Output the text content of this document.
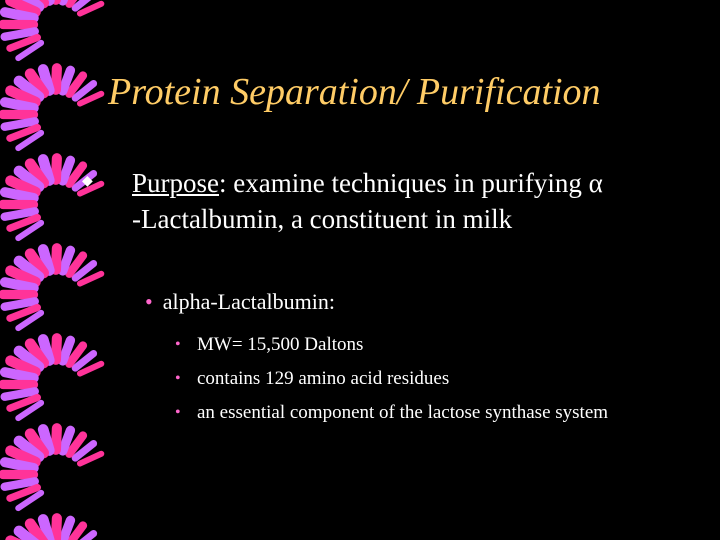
Protein Separation/ Purification
◆ Purpose: examine techniques in purifying α
-Lactalbumin, a constituent in milk
• alpha-Lactalbumin:
• MW= 15,500 Daltons
• contains 129 amino acid residues
• an essential component of the lactose synthase system
